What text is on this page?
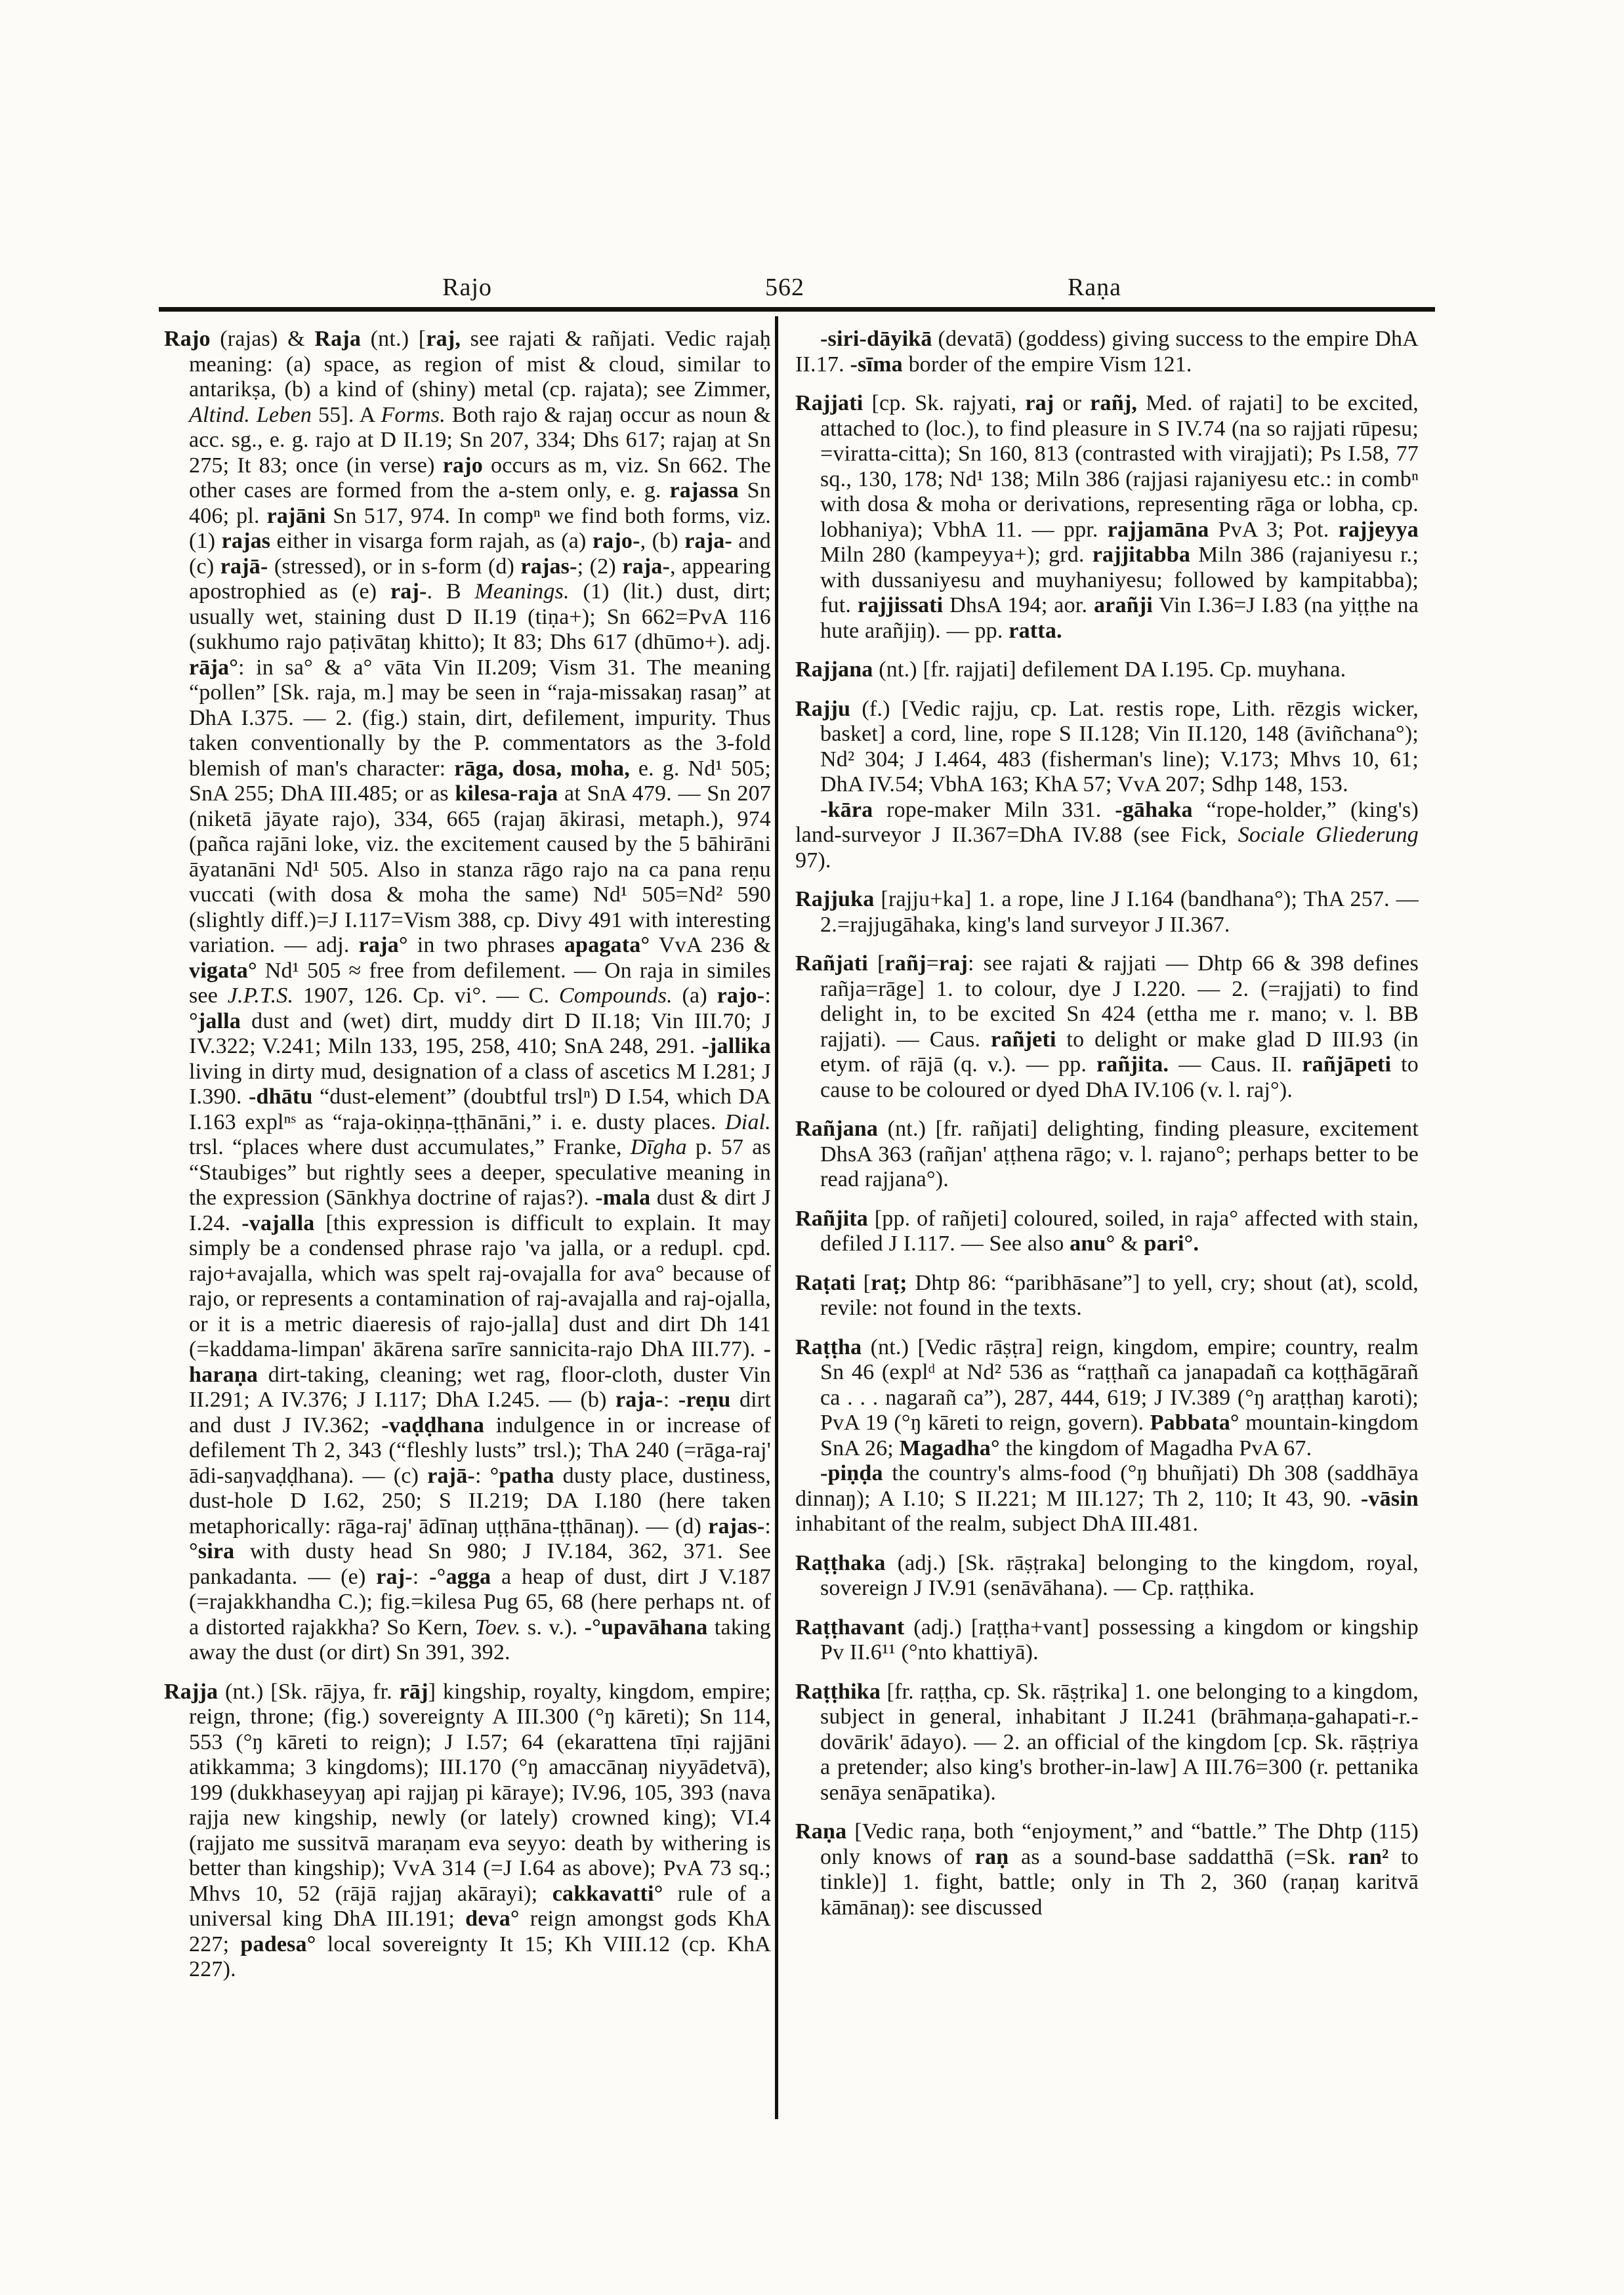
Rajo	562	Raṇa

Rajo (rajas) & Raja (nt.) [raj, see rajati & rañjati. Vedic rajaḥ meaning: (a) space, as region of mist & cloud, similar to antarikṣa, (b) a kind of (shiny) metal (cp. rajata); see Zimmer, Altind. Leben 55]. A Forms. Both rajo & rajaŋ occur as noun & acc. sg., e. g. rajo at D II.19; Sn 207, 334; Dhs 617; rajaŋ at Sn 275; It 83; once (in verse) rajo occurs as m, viz. Sn 662. The other cases are formed from the a-stem only, e. g. rajassa Sn 406; pl. rajāni Sn 517, 974. In compⁿ we find both forms, viz. (1) rajas either in visarga form rajah, as (a) rajo-, (b) raja- and (c) rajā- (stressed), or in s-form (d) rajas-; (2) raja-, appearing apostrophied as (e) raj-. B Meanings. (1) (lit.) dust, dirt; usually wet, staining dust D II.19 (tiṇa+); Sn 662=PvA 116 (sukhumo rajo paṭivātaŋ khitto); It 83; Dhs 617 (dhūmo+). adj. rāja°: in sa° & a° vāta Vin II.209; Vism 31. The meaning “pollen” [Sk. raja, m.] may be seen in “raja-missakaŋ rasaŋ” at DhA I.375. — 2. (fig.) stain, dirt, defilement, impurity. Thus taken conventionally by the P. commentators as the 3-fold blemish of man's character: rāga, dosa, moha, e. g. Nd¹ 505; SnA 255; DhA III.485; or as kilesa-raja at SnA 479. — Sn 207 (niketā jāyate rajo), 334, 665 (rajaŋ ākirasi, metaph.), 974 (pañca rajāni loke, viz. the excitement caused by the 5 bāhirāni āyatanāni Nd¹ 505. Also in stanza rāgo rajo na ca pana reṇu vuccati (with dosa & moha the same) Nd¹ 505=Nd² 590 (slightly diff.)=J I.117=Vism 388, cp. Divy 491 with interesting variation. — adj. raja° in two phrases apagata° VvA 236 & vigata° Nd¹ 505 ≈ free from defilement. — On raja in similes see J.P.T.S. 1907, 126. Cp. vi°. — C. Compounds. (a) rajo-: °jalla dust and (wet) dirt, muddy dirt D II.18; Vin III.70; J IV.322; V.241; Miln 133, 195, 258, 410; SnA 248, 291. -jallika living in dirty mud, designation of a class of ascetics M I.281; J I.390. -dhātu “dust-element” (doubtful trslⁿ) D I.54, which DA I.163 explⁿˢ as “raja-okiṇṇa-ṭṭhānāni,” i. e. dusty places. Dial. trsl. “places where dust accumulates,” Franke, Dīgha p. 57 as “Staubiges” but rightly sees a deeper, speculative meaning in the expression (Sānkhya doctrine of rajas?). -mala dust & dirt J I.24. -vajalla [this expression is difficult to explain. It may simply be a condensed phrase rajo 'va jalla, or a redupl. cpd. rajo+avajalla, which was spelt raj-ovajalla for ava° because of rajo, or represents a contamination of raj-avajalla and raj-ojalla, or it is a metric diaeresis of rajo-jalla] dust and dirt Dh 141 (=kaddama-limpan' ākārena sarīre sannicita-rajo DhA III.77). -haraṇa dirt-taking, cleaning; wet rag, floor-cloth, duster Vin II.291; A IV.376; J I.117; DhA I.245. — (b) raja-: -reṇu dirt and dust J IV.362; -vaḍḍhana indulgence in or increase of defilement Th 2, 343 (“fleshly lusts” trsl.); ThA 240 (=rāga-raj' ādi-saŋvaḍḍhana). — (c) rajā-: °patha dusty place, dustiness, dust-hole D I.62, 250; S II.219; DA I.180 (here taken metaphorically: rāga-raj' ādīnaŋ uṭṭhāna-ṭṭhānaŋ). — (d) rajas-: °sira with dusty head Sn 980; J IV.184, 362, 371. See pankadanta. — (e) raj-: -°agga a heap of dust, dirt J V.187 (=rajakkhandha C.); fig.=kilesa Pug 65, 68 (here perhaps nt. of a distorted rajakkha? So Kern, Toev. s. v.). -°upavāhana taking away the dust (or dirt) Sn 391, 392.

Rajja (nt.) [Sk. rājya, fr. rāj] kingship, royalty, kingdom, empire; reign, throne; (fig.) sovereignty A III.300 (°ŋ kāreti); Sn 114, 553 (°ŋ kāreti to reign); J I.57; 64 (ekarattena tīṇi rajjāni atikkamma; 3 kingdoms); III.170 (°ŋ amaccānaŋ niyyādetvā), 199 (dukkhaseyyaŋ api rajjaŋ pi kāraye); IV.96, 105, 393 (nava rajja new kingship, newly (or lately) crowned king); VI.4 (rajjato me sussitvā maraṇam eva seyyo: death by withering is better than kingship); VvA 314 (=J I.64 as above); PvA 73 sq.; Mhvs 10, 52 (rājā rajjaŋ akārayi); cakkavatti° rule of a universal king DhA III.191; deva° reign amongst gods KhA 227; padesa° local sovereignty It 15; Kh VIII.12 (cp. KhA 227).

-siri-dāyikā (devatā) (goddess) giving success to the empire DhA II.17. -sīma border of the empire Vism 121.

Rajjati [cp. Sk. rajyati, raj or rañj, Med. of rajati] to be excited, attached to (loc.), to find pleasure in S IV.74 (na so rajjati rūpesu; =viratta-citta); Sn 160, 813 (contrasted with virajjati); Ps I.58, 77 sq., 130, 178; Nd¹ 138; Miln 386 (rajjasi rajaniyesu etc.: in combⁿ with dosa & moha or derivations, representing rāga or lobha, cp. lobhaniya); VbhA 11. — ppr. rajjamāna PvA 3; Pot. rajjeyya Miln 280 (kampeyya+); grd. rajjitabba Miln 386 (rajaniyesu r.; with dussaniyesu and muyhaniyesu; followed by kampitabba); fut. rajjissati DhsA 194; aor. arañji Vin I.36=J I.83 (na yiṭṭhe na hute arañjiŋ). — pp. ratta.

Rajjana (nt.) [fr. rajjati] defilement DA I.195. Cp. muyhana.

Rajju (f.) [Vedic rajju, cp. Lat. restis rope, Lith. rēzgis wicker, basket] a cord, line, rope S II.128; Vin II.120, 148 (āviñchana°); Nd² 304; J I.464, 483 (fisherman's line); V.173; Mhvs 10, 61; DhA IV.54; VbhA 163; KhA 57; VvA 207; Sdhp 148, 153.

-kāra rope-maker Miln 331. -gāhaka “rope-holder,” (king's) land-surveyor J II.367=DhA IV.88 (see Fick, Sociale Gliederung 97).

Rajjuka [rajju+ka] 1. a rope, line J I.164 (bandhana°); ThA 257. — 2.=rajjugāhaka, king's land surveyor J II.367.

Rañjati [rañj=raj: see rajati & rajjati — Dhtp 66 & 398 defines rañja=rāge] 1. to colour, dye J I.220. — 2. (=rajjati) to find delight in, to be excited Sn 424 (ettha me r. mano; v. l. BB rajjati). — Caus. rañjeti to delight or make glad D III.93 (in etym. of rājā (q. v.). — pp. rañjita. — Caus. II. rañjāpeti to cause to be coloured or dyed DhA IV.106 (v. l. raj°).

Rañjana (nt.) [fr. rañjati] delighting, finding pleasure, excitement DhsA 363 (rañjan' aṭṭhena rāgo; v. l. rajano°; perhaps better to be read rajjana°).

Rañjita [pp. of rañjeti] coloured, soiled, in raja° affected with stain, defiled J I.117. — See also anu° & pari°.

Raṭati [raṭ; Dhtp 86: “paribhāsane”] to yell, cry; shout (at), scold, revile: not found in the texts.

Raṭṭha (nt.) [Vedic rāṣṭra] reign, kingdom, empire; country, realm Sn 46 (explᵈ at Nd² 536 as “raṭṭhañ ca janapadañ ca koṭṭhāgārañ ca . . . nagarañ ca”), 287, 444, 619; J IV.389 (°ŋ araṭṭhaŋ karoti); PvA 19 (°ŋ kāreti to reign, govern). Pabbata° mountain-kingdom SnA 26; Magadha° the kingdom of Magadha PvA 67.

-piṇḍa the country's alms-food (°ŋ bhuñjati) Dh 308 (saddhāya dinnaŋ); A I.10; S II.221; M III.127; Th 2, 110; It 43, 90. -vāsin inhabitant of the realm, subject DhA III.481.

Raṭṭhaka (adj.) [Sk. rāṣṭraka] belonging to the kingdom, royal, sovereign J IV.91 (senāvāhana). — Cp. raṭṭhika.

Raṭṭhavant (adj.) [raṭṭha+vant] possessing a kingdom or kingship Pv II.6¹¹ (°nto khattiyā).

Raṭṭhika [fr. raṭṭha, cp. Sk. rāṣṭrika] 1. one belonging to a kingdom, subject in general, inhabitant J II.241 (brāhmaṇa-gahapati-r.-dovārik' ādayo). — 2. an official of the kingdom [cp. Sk. rāṣṭriya a pretender; also king's brother-in-law] A III.76=300 (r. pettanika senāya senāpatika).

Raṇa [Vedic raṇa, both “enjoyment,” and “battle.” The Dhtp (115) only knows of raṇ as a sound-base saddatthā (=Sk. ran² to tinkle)] 1. fight, battle; only in Th 2, 360 (raṇaŋ karitvā kāmānaŋ): see discussed
